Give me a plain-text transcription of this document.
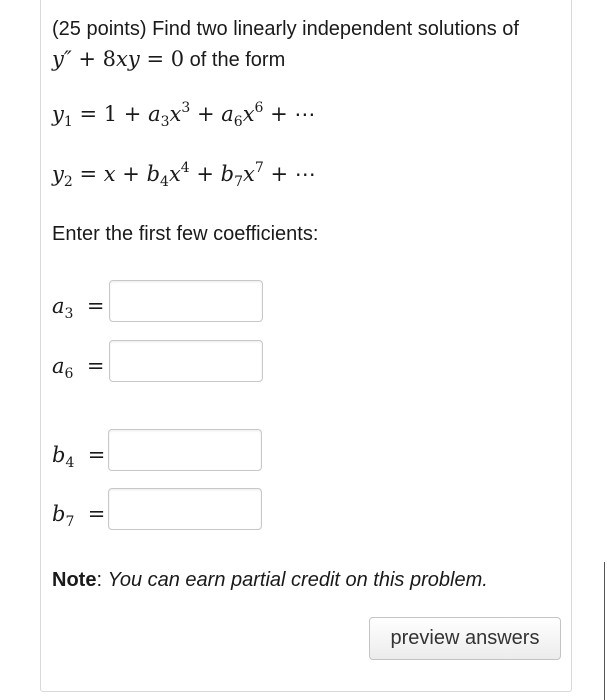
(25 points) Find two linearly independent solutions of
y″ + 8xy = 0 of the form
$y_1 = 1 + a_3x^3 + a_6x^6$ + ⋯
$y_2 = x + b_4x^4 + b_7x^7$ + ⋯
Enter the first few coefficients:
$a_3$ =
$a_6$ =
$b_4$ =
$b_7$ =
Note: You can earn partial credit on this problem.
preview answers
